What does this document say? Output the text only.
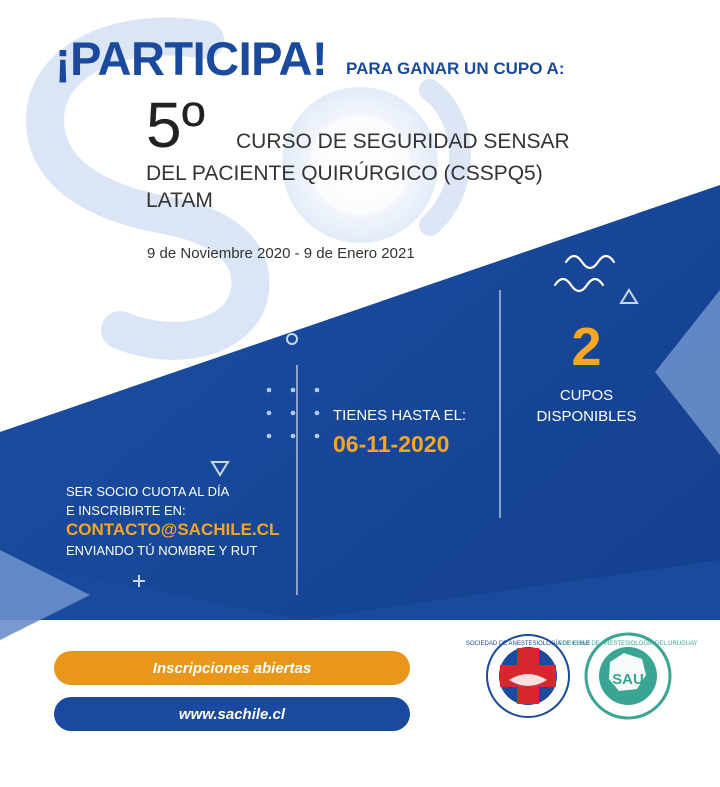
SOCIEDAD DE ANESTESIOLOGÍA DE CHILE
SOCIEDAD DE ANESTESIOLOGÍA DEL URUGUAY
SAU
¡PARTICIPA! PARA GANAR UN CUPO A:
5º CURSO DE SEGURIDAD SENSAR
DEL PACIENTE QUIRÚRGICO (CSSPQ5)
LATAM
9 de Noviembre 2020 - 9 de Enero 2021
TIENES HASTA EL:
06-11-2020
2
CUPOS
DISPONIBLES
SER SOCIO CUOTA AL DÍA
E INSCRIBIRTE EN:
CONTACTO@SACHILE.CL
ENVIANDO TÚ NOMBRE Y RUT
Inscripciones abiertas
www.sachile.cl
